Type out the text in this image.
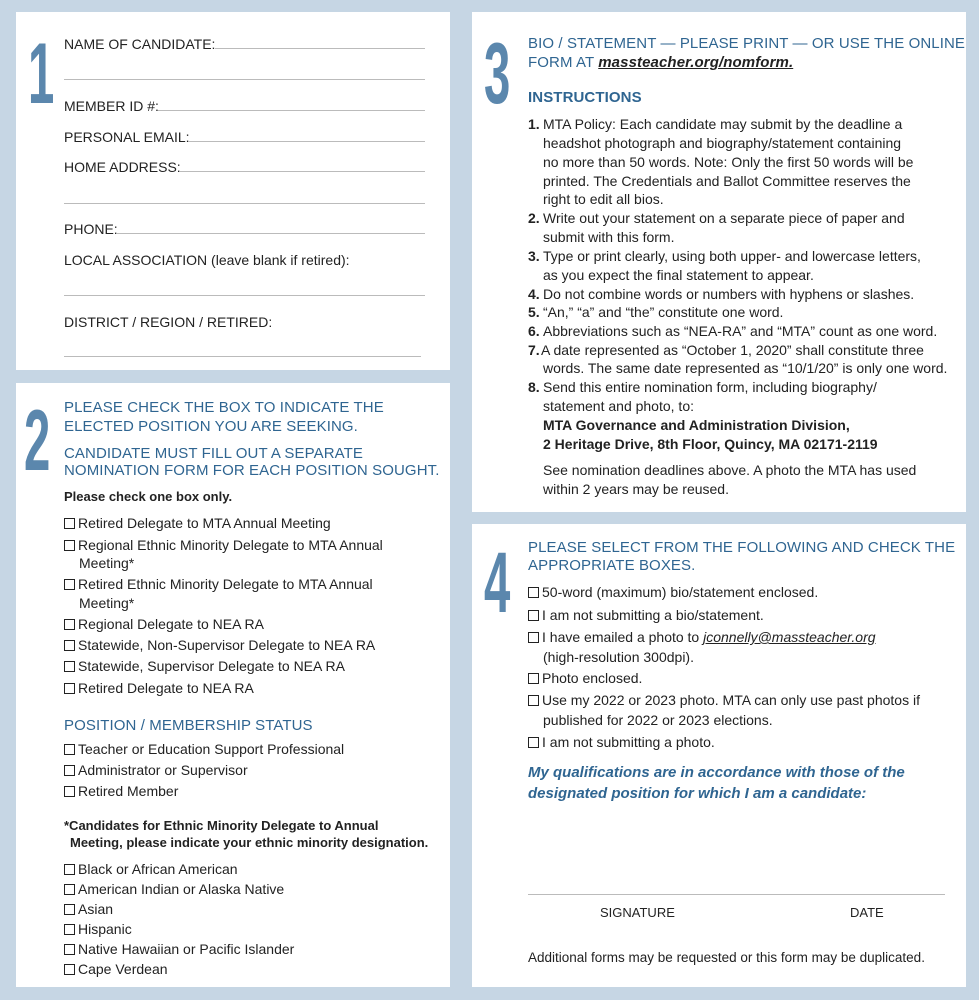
1 NAME OF CANDIDATE:
MEMBER ID #:
PERSONAL EMAIL:
HOME ADDRESS:
PHONE:
LOCAL ASSOCIATION (leave blank if retired):
DISTRICT / REGION / RETIRED:
2 PLEASE CHECK THE BOX TO INDICATE THE
ELECTED POSITION YOU ARE SEEKING.
CANDIDATE MUST FILL OUT A SEPARATE
NOMINATION FORM FOR EACH POSITION SOUGHT.
Please check one box only.
Retired Delegate to MTA Annual Meeting
Regional Ethnic Minority Delegate to MTA Annual
Meeting*
Retired Ethnic Minority Delegate to MTA Annual
Meeting*
Regional Delegate to NEA RA
Statewide, Non-Supervisor Delegate to NEA RA
Statewide, Supervisor Delegate to NEA RA
Retired Delegate to NEA RA
POSITION / MEMBERSHIP STATUS
Teacher or Education Support Professional
Administrator or Supervisor
Retired Member
*Candidates for Ethnic Minority Delegate to Annual
Meeting, please indicate your ethnic minority designation.
Black or African American
American Indian or Alaska Native
Asian
Hispanic
Native Hawaiian or Pacific Islander
Cape Verdean
3 BIO / STATEMENT — PLEASE PRINT — OR USE THE ONLINE
FORM AT massteacher.org/nomform.
INSTRUCTIONS
1. MTA Policy: Each candidate may submit by the deadline a
headshot photograph and biography/statement containing
no more than 50 words. Note: Only the first 50 words will be
printed. The Credentials and Ballot Committee reserves the
right to edit all bios.
2. Write out your statement on a separate piece of paper and
submit with this form.
3. Type or print clearly, using both upper- and lowercase letters,
as you expect the final statement to appear.
4. Do not combine words or numbers with hyphens or slashes.
5. “An,” “a” and “the” constitute one word.
6. Abbreviations such as “NEA-RA” and “MTA” count as one word.
7. A date represented as “October 1, 2020” shall constitute three
words. The same date represented as “10/1/20” is only one word.
8. Send this entire nomination form, including biography/
statement and photo, to:
MTA Governance and Administration Division,
2 Heritage Drive, 8th Floor, Quincy, MA 02171-2119
See nomination deadlines above. A photo the MTA has used
within 2 years may be reused.
4 PLEASE SELECT FROM THE FOLLOWING AND CHECK THE
APPROPRIATE BOXES.
50-word (maximum) bio/statement enclosed.
I am not submitting a bio/statement.
I have emailed a photo to jconnelly@massteacher.org
(high-resolution 300dpi).
Photo enclosed.
Use my 2022 or 2023 photo. MTA can only use past photos if
published for 2022 or 2023 elections.
I am not submitting a photo.
My qualifications are in accordance with those of the
designated position for which I am a candidate:
SIGNATURE	DATE
Additional forms may be requested or this form may be duplicated.
